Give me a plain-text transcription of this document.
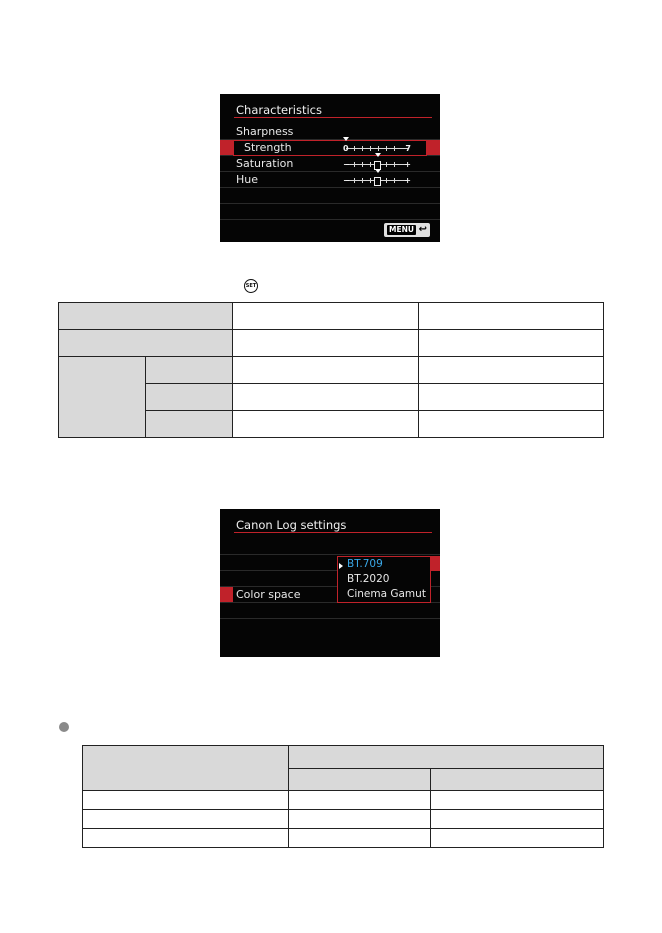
Characteristics
Sharpness
Strength	0	7
Saturation	−	+
Hue	−	+
MENU ↩
SET

Canon Log settings
Color space
BT.709
BT.2020
Cinema Gamut
